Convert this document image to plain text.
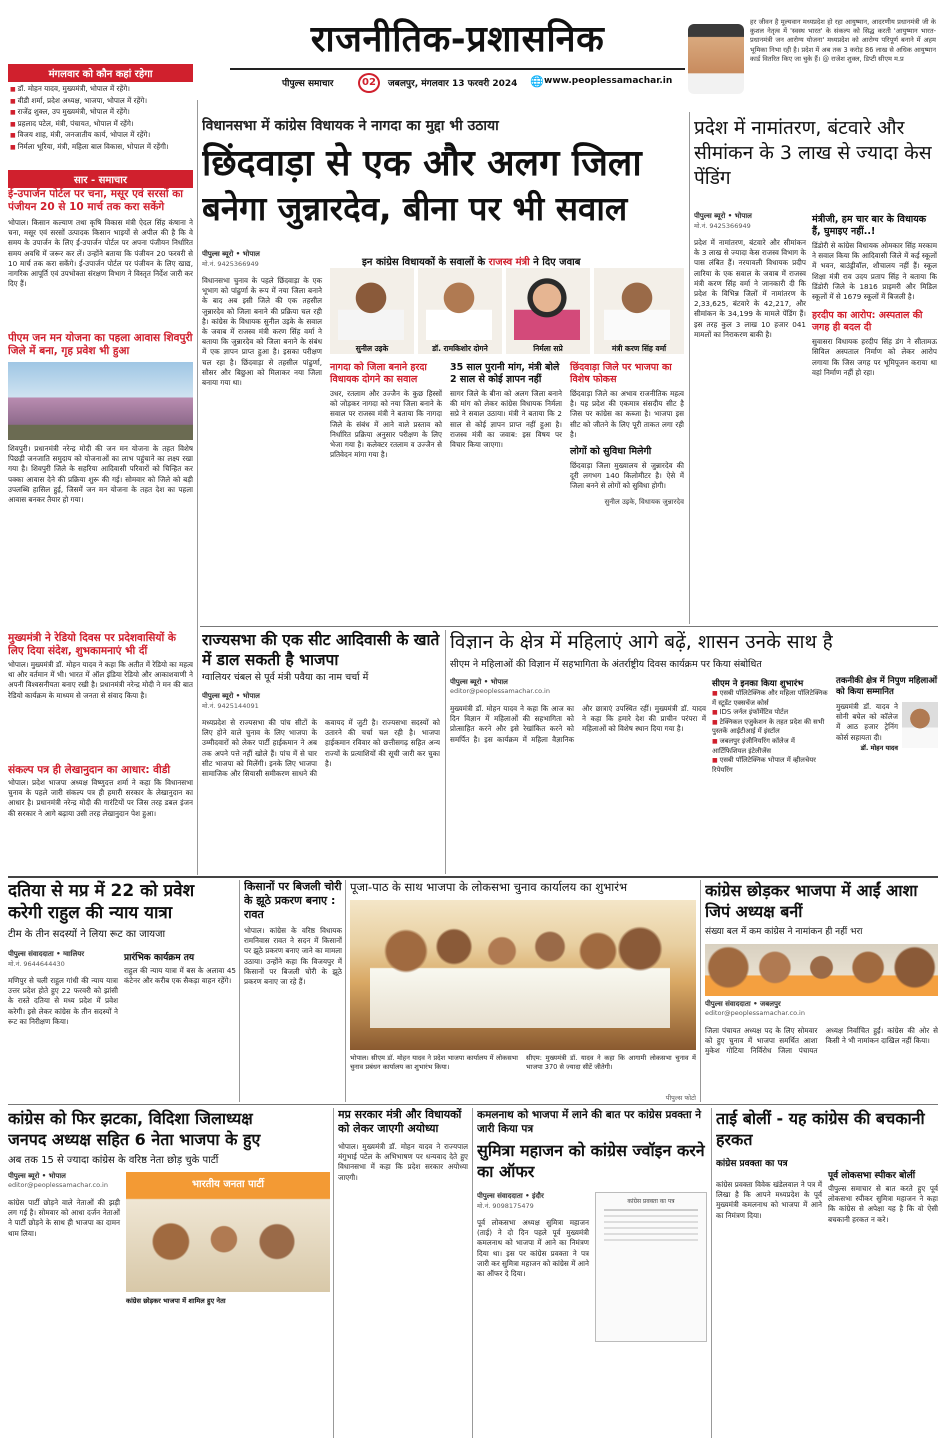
राजनीतिक-प्रशासनिक
पीपुल्स समाचार	02	जबलपुर, मंगलवार 13 फरवरी 2024 🌐 www.peoplessamachar.in
हर जीवन है मूल्यवान मध्यप्रदेश हो रहा आयुष्मान, आदरणीय प्रधानमंत्री जी के कुशल नेतृत्व में 'स्वस्थ भारत' के संकल्प को सिद्ध करती 'आयुष्मान भारत-प्रधानमंत्री जन आरोग्य योजना' मध्यप्रदेश को आरोग्य परिपूर्ण बनाने में अहम भूमिका निभा रही है। प्रदेश में अब तक 3 करोड़ 86 लाख से अधिक आयुष्मान कार्ड वितरित किए जा चुके हैं। @ राजेश शुक्ल, डिप्टी सीएम म.प्र
मंगलवार को कौन कहां रहेगा
■ डॉ. मोहन यादव, मुख्यमंत्री, भोपाल में रहेंगे।
■ वीडी शर्मा, प्रदेश अध्यक्ष, भाजपा, भोपाल में रहेंगे।
■ राजेंद्र शुक्ल, उप मुख्यमंत्री, भोपाल में रहेंगे।
■ प्रहलाद पटेल, मंत्री, पंचायत, भोपाल में रहेंगे।
■ विजय शाह, मंत्री, जनजातीय कार्य, भोपाल में रहेंगे।
■ निर्मला भूरिया, मंत्री, महिला बाल विकास, भोपाल में रहेंगी।
सार - समाचार
ई-उपार्जन पोर्टल पर चना, मसूर एवं सरसों का पंजीयन 20 से 10 मार्च तक करा सकेंगे
भोपाल। किसान कल्याण तथा कृषि विकास मंत्री ऐदल सिंह कंषाना ने चना, मसूर एवं सरसों उत्पादक किसान भाइयों से अपील की है कि वे समय के उपार्जन के लिए ई-उपार्जन पोर्टल पर अपना पंजीयन निर्धारित समय अवधि में जरूर कर लें। उन्होंने बताया कि पंजीयन 20 फरवरी से 10 मार्च तक करा सकेंगे। ई-उपार्जन पोर्टल पर पंजीयन के लिए खाद्य, नागरिक आपूर्ति एवं उपभोक्ता संरक्षण विभाग ने विस्तृत निर्देश जारी कर दिए हैं।
पीएम जन मन योजना का पहला आवास शिवपुरी जिले में बना, गृह प्रवेश भी हुआ
शिवपुरी। प्रधानमंत्री नरेन्द्र मोदी की जन मन योजना के तहत विशेष पिछड़ी जनजाति समुदाय को योजनाओं का लाभ पहुंचाने का लक्ष्य रखा गया है। शिवपुरी जिले के सहरिया आदिवासी परिवारों को चिन्हित कर पक्का आवास देने की प्रक्रिया शुरू की गई। सोमवार को जिले को बड़ी उपलब्धि हासिल हुई, जिसमें जन मन योजना के तहत देश का पहला आवास बनकर तैयार हो गया।
मुख्यमंत्री ने रेडियो दिवस पर प्रदेशवासियों के लिए दिया संदेश, शुभकामनाएं भी दीं
भोपाल। मुख्यमंत्री डॉ. मोहन यादव ने कहा कि अतीत में रेडियो का महत्व था और वर्तमान में भी। भारत में ऑल इंडिया रेडियो और आकाशवाणी ने अपनी विश्वसनीयता बनाए रखी है। प्रधानमंत्री नरेन्द्र मोदी ने मन की बात रेडियो कार्यक्रम के माध्यम से जनता से संवाद किया है।
संकल्प पत्र ही लेखानुदान का आधार: वीडी
भोपाल। प्रदेश भाजपा अध्यक्ष विष्णुदत्त शर्मा ने कहा कि विधानसभा चुनाव के पहले जारी संकल्प पत्र ही हमारी सरकार के लेखानुदान का आधार है। प्रधानमंत्री नरेन्द्र मोदी की गारंटियों पर जिस तरह डबल इंजन की सरकार ने आगे बढ़ाया उसी तरह लेखानुदान पेश हुआ।
विधानसभा में कांग्रेस विधायक ने नागदा का मुद्दा भी उठाया
छिंदवाड़ा से एक और अलग जिला
बनेगा जुन्नारदेव, बीना पर भी सवाल
पीपुल्स ब्यूरो • भोपाल
मो.नं. 9425366949	इन कांग्रेस विधायकों के सवालों के राजस्व मंत्री ने दिए जवाब
सुनील उइके	डॉ. रामकिशोर दोगने	निर्मला सप्रे	मंत्री करण सिंह वर्मा
विधानसभा चुनाव के पहले छिंदवाड़ा के एक भूभाग को पांढुर्णा के रूप में नया जिला बनाने के बाद अब इसी जिले की एक तहसील जुन्नारदेव को जिला बनाने की प्रक्रिया चल रही है। कांग्रेस के विधायक सुनील उइके के सवाल के जवाब में राजस्व मंत्री करण सिंह वर्मा ने बताया कि जुन्नारदेव को जिला बनाने के संबंध में एक ज्ञापन प्राप्त हुआ है। इसका परीक्षण चल रहा है। छिंदवाड़ा से तहसील पांढुर्णा, सौसर और बिछुआ को मिलाकर नया जिला बनाया गया था।
नागदा को जिला बनाने हरदा विधायक दोगने का सवाल
उधर, रतलाम और उज्जैन के कुछ हिस्सों को जोड़कर नागदा को नया जिला बनाने के सवाल पर राजस्व मंत्री ने बताया कि नागदा जिले के संबंध में आने वाले प्रस्ताव को निर्धारित प्रक्रिया अनुसार परीक्षण के लिए भेजा गया है। कलेक्टर रतलाम व उज्जैन से प्रतिवेदन मांगा गया है।
35 साल पुरानी मांग, मंत्री बोले 2 साल से कोई ज्ञापन नहीं
सागर जिले के बीना को अलग जिला बनाने की मांग को लेकर कांग्रेस विधायक निर्मला सप्रे ने सवाल उठाया। मंत्री ने बताया कि 2 साल से कोई ज्ञापन प्राप्त नहीं हुआ है। राजस्व मंत्री का जवाब: इस विषय पर विचार किया जाएगा।
छिंदवाड़ा जिले पर भाजपा का विशेष फोकस
छिंदवाड़ा जिले का अभाव राजनीतिक महत्व है। यह प्रदेश की एकमात्र संसदीय सीट है जिस पर कांग्रेस का कब्जा है। भाजपा इस सीट को जीतने के लिए पूरी ताकत लगा रही है।
लोगों को सुविधा मिलेगी
छिंदवाड़ा जिला मुख्यालय से जुन्नारदेव की दूरी लगभग 140 किलोमीटर है। ऐसे में जिला बनने से लोगों को सुविधा होगी।
सुनील उइके, विधायक जुन्नारदेव
प्रदेश में नामांतरण, बंटवारे और सीमांकन के 3 लाख से ज्यादा केस पेंडिंग
पीपुल्स ब्यूरो • भोपाल
मो.नं. 9425366949
प्रदेश में नामांतरण, बंटवारे और सीमांकन के 3 लाख से ज्यादा केस राजस्व विभाग के पास लंबित हैं। नरयावली विधायक प्रदीप लारिया के एक सवाल के जवाब में राजस्व मंत्री करण सिंह वर्मा ने जानकारी दी कि प्रदेश के विभिन्न जिलों में नामांतरण के 2,33,625, बंटवारे के 42,217, और सीमांकन के 34,199 के मामले पेंडिंग हैं। इस तरह कुल 3 लाख 10 हजार 041 मामलों का निराकरण बाकी है।
मंत्रीजी, हम चार बार के विधायक हैं, घुमाइए नहीं..!
डिंडोरी से कांग्रेस विधायक ओमकार सिंह मरकाम ने सवाल किया कि आदिवासी जिले में कई स्कूलों में भवन, बाउंड्रीवॉल, शौचालय नहीं हैं। स्कूल शिक्षा मंत्री राव उदय प्रताप सिंह ने बताया कि डिंडोरी जिले के 1816 प्राइमरी और मिडिल स्कूलों में से 1679 स्कूलों में बिजली है।
हरदीप का आरोप: अस्पताल की जगह ही बदल दी
सुवासरा विधायक हरदीप सिंह डंग ने सीतामऊ सिविल अस्पताल निर्माण को लेकर आरोप लगाया कि जिस जगह पर भूमिपूजन कराया था वहां निर्माण नहीं हो रहा।
राज्यसभा की एक सीट आदिवासी के खाते में डाल सकती है भाजपा
ग्वालियर चंबल से पूर्व मंत्री पवैया का नाम चर्चा में
पीपुल्स ब्यूरो • भोपाल
मो.नं. 9425144091
मध्यप्रदेश से राज्यसभा की पांच सीटों के लिए होने वाले चुनाव के लिए भाजपा के उम्मीदवारों को लेकर पार्टी हाईकमान ने अब तक अपने पत्ते नहीं खोले हैं। पांच में से चार सीट भाजपा को मिलेंगी। इनके लिए भाजपा सामाजिक और सियासी समीकरण साधने की कवायद में जुटी है। राज्यसभा सदस्यों को उतारने की चर्चा चल रही है। भाजपा हाईकमान रविवार को छत्तीसगढ़ सहित अन्य राज्यों के प्रत्याशियों की सूची जारी कर चुका है।
विज्ञान के क्षेत्र में महिलाएं आगे बढ़ें, शासन उनके साथ है
सीएम ने महिलाओं की विज्ञान में सहभागिता के अंतर्राष्ट्रीय दिवस कार्यक्रम पर किया संबोधित
पीपुल्स ब्यूरो • भोपाल
editor@peoplessamachar.co.in
मुख्यमंत्री डॉ. मोहन यादव ने कहा कि आज का दिन विज्ञान में महिलाओं की सहभागिता को प्रोत्साहित करने और इसे रेखांकित करने को समर्पित है। इस कार्यक्रम में महिला वैज्ञानिक और छात्राएं उपस्थित रहीं। मुख्यमंत्री डॉ. यादव ने कहा कि हमारे देश की प्राचीन परंपरा में महिलाओं को विशेष स्थान दिया गया है।
सीएम ने इनका किया शुभारंभ
■ एसबी पॉलिटेक्निक और महिला पॉलिटेक्निक में स्टूडेंट एक्सचेंज कोर्स
■ IDS जर्नल इंफॉर्मेटिव पोर्टल
■ टेक्निकल एजुकेशन के तहत प्रदेश की सभी पुस्तकें आईटीआई में इंस्टॉल
■ जबलपुर इंजीनियरिंग कॉलेज में आर्टिफिशियल इंटेलीजेंस
■ एसबी पॉलिटेक्निक भोपाल में व्हीलचेयर रिपेयरिंग
तकनीकी क्षेत्र में निपुण महिलाओं को किया सम्मानित
मुख्यमंत्री डॉ. यादव ने सोनी बघेल को कॉलेज में आठ हजार ट्रेनिंग कोर्स सहायता दी।
डॉ. मोहन यादव
दतिया से मप्र में 22 को प्रवेश
करेगी राहुल की न्याय यात्रा
टीम के तीन सदस्यों ने लिया रूट का जायजा
पीपुल्स संवाददाता • ग्वालियर
मो.नं. 9644644430
मणिपुर से चली राहुल गांधी की न्याय यात्रा उत्तर प्रदेश होते हुए 22 फरवरी को झांसी के रास्ते दतिया से मध्य प्रदेश में प्रवेश करेगी। इसे लेकर कांग्रेस के तीन सदस्यों ने रूट का निरीक्षण किया।
प्रारंभिक कार्यक्रम तय
राहुल की न्याय यात्रा में बस के अलावा 45 कंटेनर और करीब एक सैकड़ा वाहन रहेंगे।
किसानों पर बिजली चोरी के झूठे प्रकरण बनाए : रावत
भोपाल। कांग्रेस के वरिष्ठ विधायक रामनिवास रावत ने सदन में किसानों पर झूठे प्रकरण बनाए जाने का मामला उठाया। उन्होंने कहा कि विजयपुर में किसानों पर बिजली चोरी के झूठे प्रकरण बनाए जा रहे हैं।
पूजा-पाठ के साथ भाजपा के लोकसभा चुनाव कार्यालय का शुभारंभ
भोपाल। सीएम डॉ. मोहन यादव ने प्रदेश भाजपा कार्यालय में लोकसभा चुनाव प्रबंधन कार्यालय का शुभारंभ किया।
सीएम: मुख्यमंत्री डॉ. यादव ने कहा कि आगामी लोकसभा चुनाव में भाजपा 370 से ज्यादा सीटें जीतेगी।
पीपुल्स फोटो
कांग्रेस छोड़कर भाजपा में आईं आशा जिपं अध्यक्ष बनीं
संख्या बल में कम कांग्रेस ने नामांकन ही नहीं भरा
पीपुल्स संवाददाता • जबलपुर
editor@peoplessamachar.co.in
जिला पंचायत अध्यक्ष पद के लिए सोमवार को हुए चुनाव में भाजपा समर्थित आशा मुकेश गोटिया निर्विरोध जिला पंचायत अध्यक्ष निर्वाचित हुईं। कांग्रेस की ओर से किसी ने भी नामांकन दाखिल नहीं किया।
कांग्रेस को फिर झटका, विदिशा जिलाध्यक्ष
जनपद अध्यक्ष सहित 6 नेता भाजपा के हुए
अब तक 15 से ज्यादा कांग्रेस के वरिष्ठ नेता छोड़ चुके पार्टी
पीपुल्स ब्यूरो • भोपाल
editor@peoplessamachar.co.in
कांग्रेस पार्टी छोड़ने वाले नेताओं की झड़ी लग गई है। सोमवार को आधा दर्जन नेताओं ने पार्टी छोड़ने के साथ ही भाजपा का दामन थाम लिया।
भारतीय जनता पार्टी
कांग्रेस छोड़कर भाजपा में शामिल हुए नेता
मप्र सरकार मंत्री और विधायकों को लेकर जाएगी अयोध्या
भोपाल। मुख्यमंत्री डॉ. मोहन यादव ने राज्यपाल मंगुभाई पटेल के अभिभाषण पर धन्यवाद देते हुए विधानसभा में कहा कि प्रदेश सरकार अयोध्या जाएगी।
कमलनाथ को भाजपा में लाने की बात पर कांग्रेस प्रवक्ता ने जारी किया पत्र
सुमित्रा महाजन को कांग्रेस ज्वॉइन करने का ऑफर
पीपुल्स संवाददाता • इंदौर
मो.नं. 9098175479
पूर्व लोकसभा अध्यक्ष सुमित्रा महाजन (ताई) ने दो दिन पहले पूर्व मुख्यमंत्री कमलनाथ को भाजपा में आने का निमंत्रण दिया था। इस पर कांग्रेस प्रवक्ता ने पत्र जारी कर सुमित्रा महाजन को कांग्रेस में आने का ऑफर दे दिया।
कांग्रेस प्रवक्ता का पत्र
ताई बोलीं - यह कांग्रेस की बचकानी हरकत
कांग्रेस प्रवक्ता का पत्र
कांग्रेस प्रवक्ता विवेक खंडेलवाल ने पत्र में लिखा है कि आपने मध्यप्रदेश के पूर्व मुख्यमंत्री कमलनाथ को भाजपा में आने का निमंत्रण दिया।
पूर्व लोकसभा स्पीकर बोलीं
पीपुल्स समाचार से बात करते हुए पूर्व लोकसभा स्पीकर सुमित्रा महाजन ने कहा कि कांग्रेस से अपेक्षा यह है कि वो ऐसी बचकानी हरकत न करे।
